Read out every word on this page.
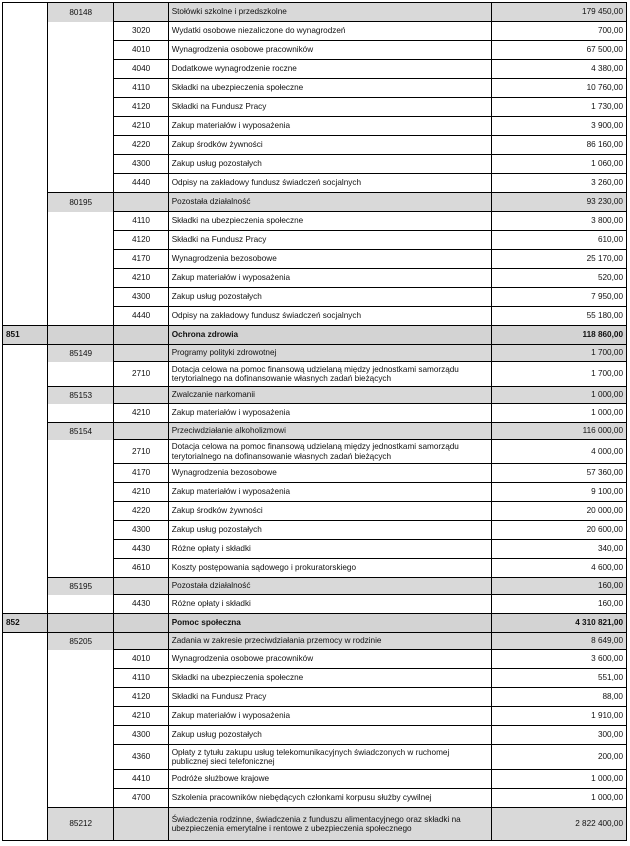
	80148		Stołówki szkolne i przedszkolne	179 450,00
		3020	Wydatki osobowe niezaliczone do wynagrodzeń	700,00
		4010	Wynagrodzenia osobowe pracowników	67 500,00
		4040	Dodatkowe wynagrodzenie roczne	4 380,00
		4110	Składki na ubezpieczenia społeczne	10 760,00
		4120	Składki na Fundusz Pracy	1 730,00
		4210	Zakup materiałów i wyposażenia	3 900,00
		4220	Zakup środków żywności	86 160,00
		4300	Zakup usług pozostałych	1 060,00
		4440	Odpisy na zakładowy fundusz świadczeń socjalnych	3 260,00
	80195		Pozostała działalność	93 230,00
		4110	Składki na ubezpieczenia społeczne	3 800,00
		4120	Składki na Fundusz Pracy	610,00
		4170	Wynagrodzenia bezosobowe	25 170,00
		4210	Zakup materiałów i wyposażenia	520,00
		4300	Zakup usług pozostałych	7 950,00
		4440	Odpisy na zakładowy fundusz świadczeń socjalnych	55 180,00
851			Ochrona zdrowia	118 860,00
	85149		Programy polityki zdrowotnej	1 700,00
		2710	Dotacja celowa na pomoc finansową udzielaną między jednostkami samorządu terytorialnego na dofinansowanie własnych zadań bieżących	1 700,00
	85153		Zwalczanie narkomanii	1 000,00
		4210	Zakup materiałów i wyposażenia	1 000,00
	85154		Przeciwdziałanie alkoholizmowi	116 000,00
		2710	Dotacja celowa na pomoc finansową udzielaną między jednostkami samorządu terytorialnego na dofinansowanie własnych zadań bieżących	4 000,00
		4170	Wynagrodzenia bezosobowe	57 360,00
		4210	Zakup materiałów i wyposażenia	9 100,00
		4220	Zakup środków żywności	20 000,00
		4300	Zakup usług pozostałych	20 600,00
		4430	Różne opłaty i składki	340,00
		4610	Koszty postępowania sądowego i prokuratorskiego	4 600,00
	85195		Pozostała działalność	160,00
		4430	Różne opłaty i składki	160,00
852			Pomoc społeczna	4 310 821,00
	85205		Zadania w zakresie przeciwdziałania przemocy w rodzinie	8 649,00
		4010	Wynagrodzenia osobowe pracowników	3 600,00
		4110	Składki na ubezpieczenia społeczne	551,00
		4120	Składki na Fundusz Pracy	88,00
		4210	Zakup materiałów i wyposażenia	1 910,00
		4300	Zakup usług pozostałych	300,00
		4360	Opłaty z tytułu zakupu usług telekomunikacyjnych świadczonych w ruchomej publicznej sieci telefonicznej	200,00
		4410	Podróże służbowe krajowe	1 000,00
		4700	Szkolenia pracowników niebędących członkami korpusu służby cywilnej	1 000,00
	85212		Świadczenia rodzinne, świadczenia z funduszu alimentacyjnego oraz składki na ubezpieczenia emerytalne i rentowe z ubezpieczenia społecznego	2 822 400,00
